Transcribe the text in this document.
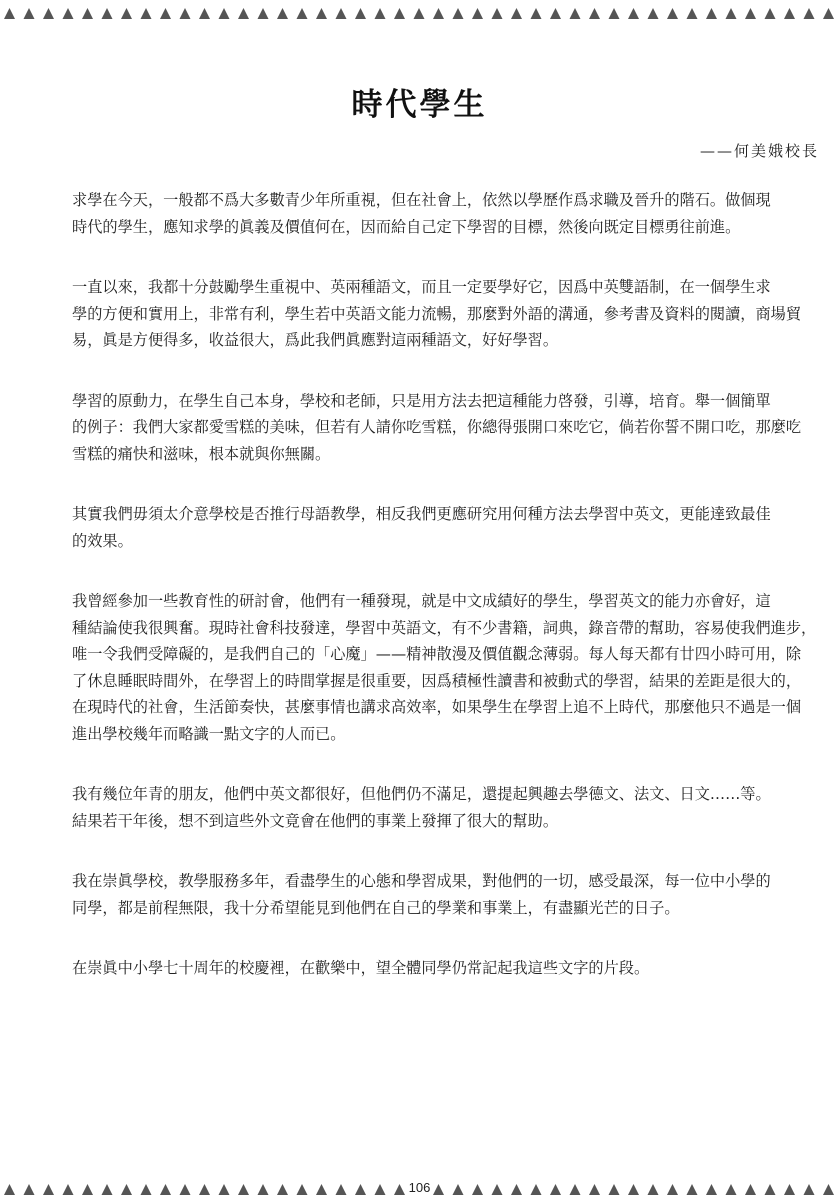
時代學生
——何美娥校長

求學在今天，一般都不爲大多數青少年所重視，但在社會上，依然以學歷作爲求職及晉升的階石。做個現
時代的學生，應知求學的眞義及價值何在，因而給自己定下學習的目標，然後向既定目標勇往前進。

一直以來，我都十分鼓勵學生重視中、英兩種語文，而且一定要學好它，因爲中英雙語制，在一個學生求
學的方便和實用上，非常有利，學生若中英語文能力流暢，那麼對外語的溝通，參考書及資料的閱讀，商場貿
易，眞是方便得多，收益很大，爲此我們眞應對這兩種語文，好好學習。

學習的原動力，在學生自己本身，學校和老師，只是用方法去把這種能力啓發，引導，培育。舉一個簡單
的例子：我們大家都愛雪糕的美味，但若有人請你吃雪糕，你總得張開口來吃它，倘若你誓不開口吃，那麼吃
雪糕的痛快和滋味，根本就與你無關。

其實我們毋須太介意學校是否推行母語教學，相反我們更應研究用何種方法去學習中英文，更能達致最佳
的效果。

我曾經參加一些教育性的研討會，他們有一種發現，就是中文成績好的學生，學習英文的能力亦會好，這
種結論使我很興奮。現時社會科技發達，學習中英語文，有不少書籍，詞典，錄音帶的幫助，容易使我們進步，
唯一令我們受障礙的，是我們自己的「心魔」——精神散漫及價值觀念薄弱。每人每天都有廿四小時可用，除
了休息睡眠時間外，在學習上的時間掌握是很重要，因爲積極性讀書和被動式的學習，結果的差距是很大的，
在現時代的社會，生活節奏快，甚麼事情也講求高效率，如果學生在學習上追不上時代，那麼他只不過是一個
進出學校幾年而略識一點文字的人而已。

我有幾位年青的朋友，他們中英文都很好，但他們仍不滿足，還提起興趣去學德文、法文、日文……等。
結果若干年後，想不到這些外文竟會在他們的事業上發揮了很大的幫助。

我在崇眞學校，教學服務多年，看盡學生的心態和學習成果，對他們的一切，感受最深，每一位中小學的
同學，都是前程無限，我十分希望能見到他們在自己的學業和事業上，有盡顯光芒的日子。

在崇眞中小學七十周年的校慶裡，在歡樂中，望全體同學仍常記起我這些文字的片段。

106
